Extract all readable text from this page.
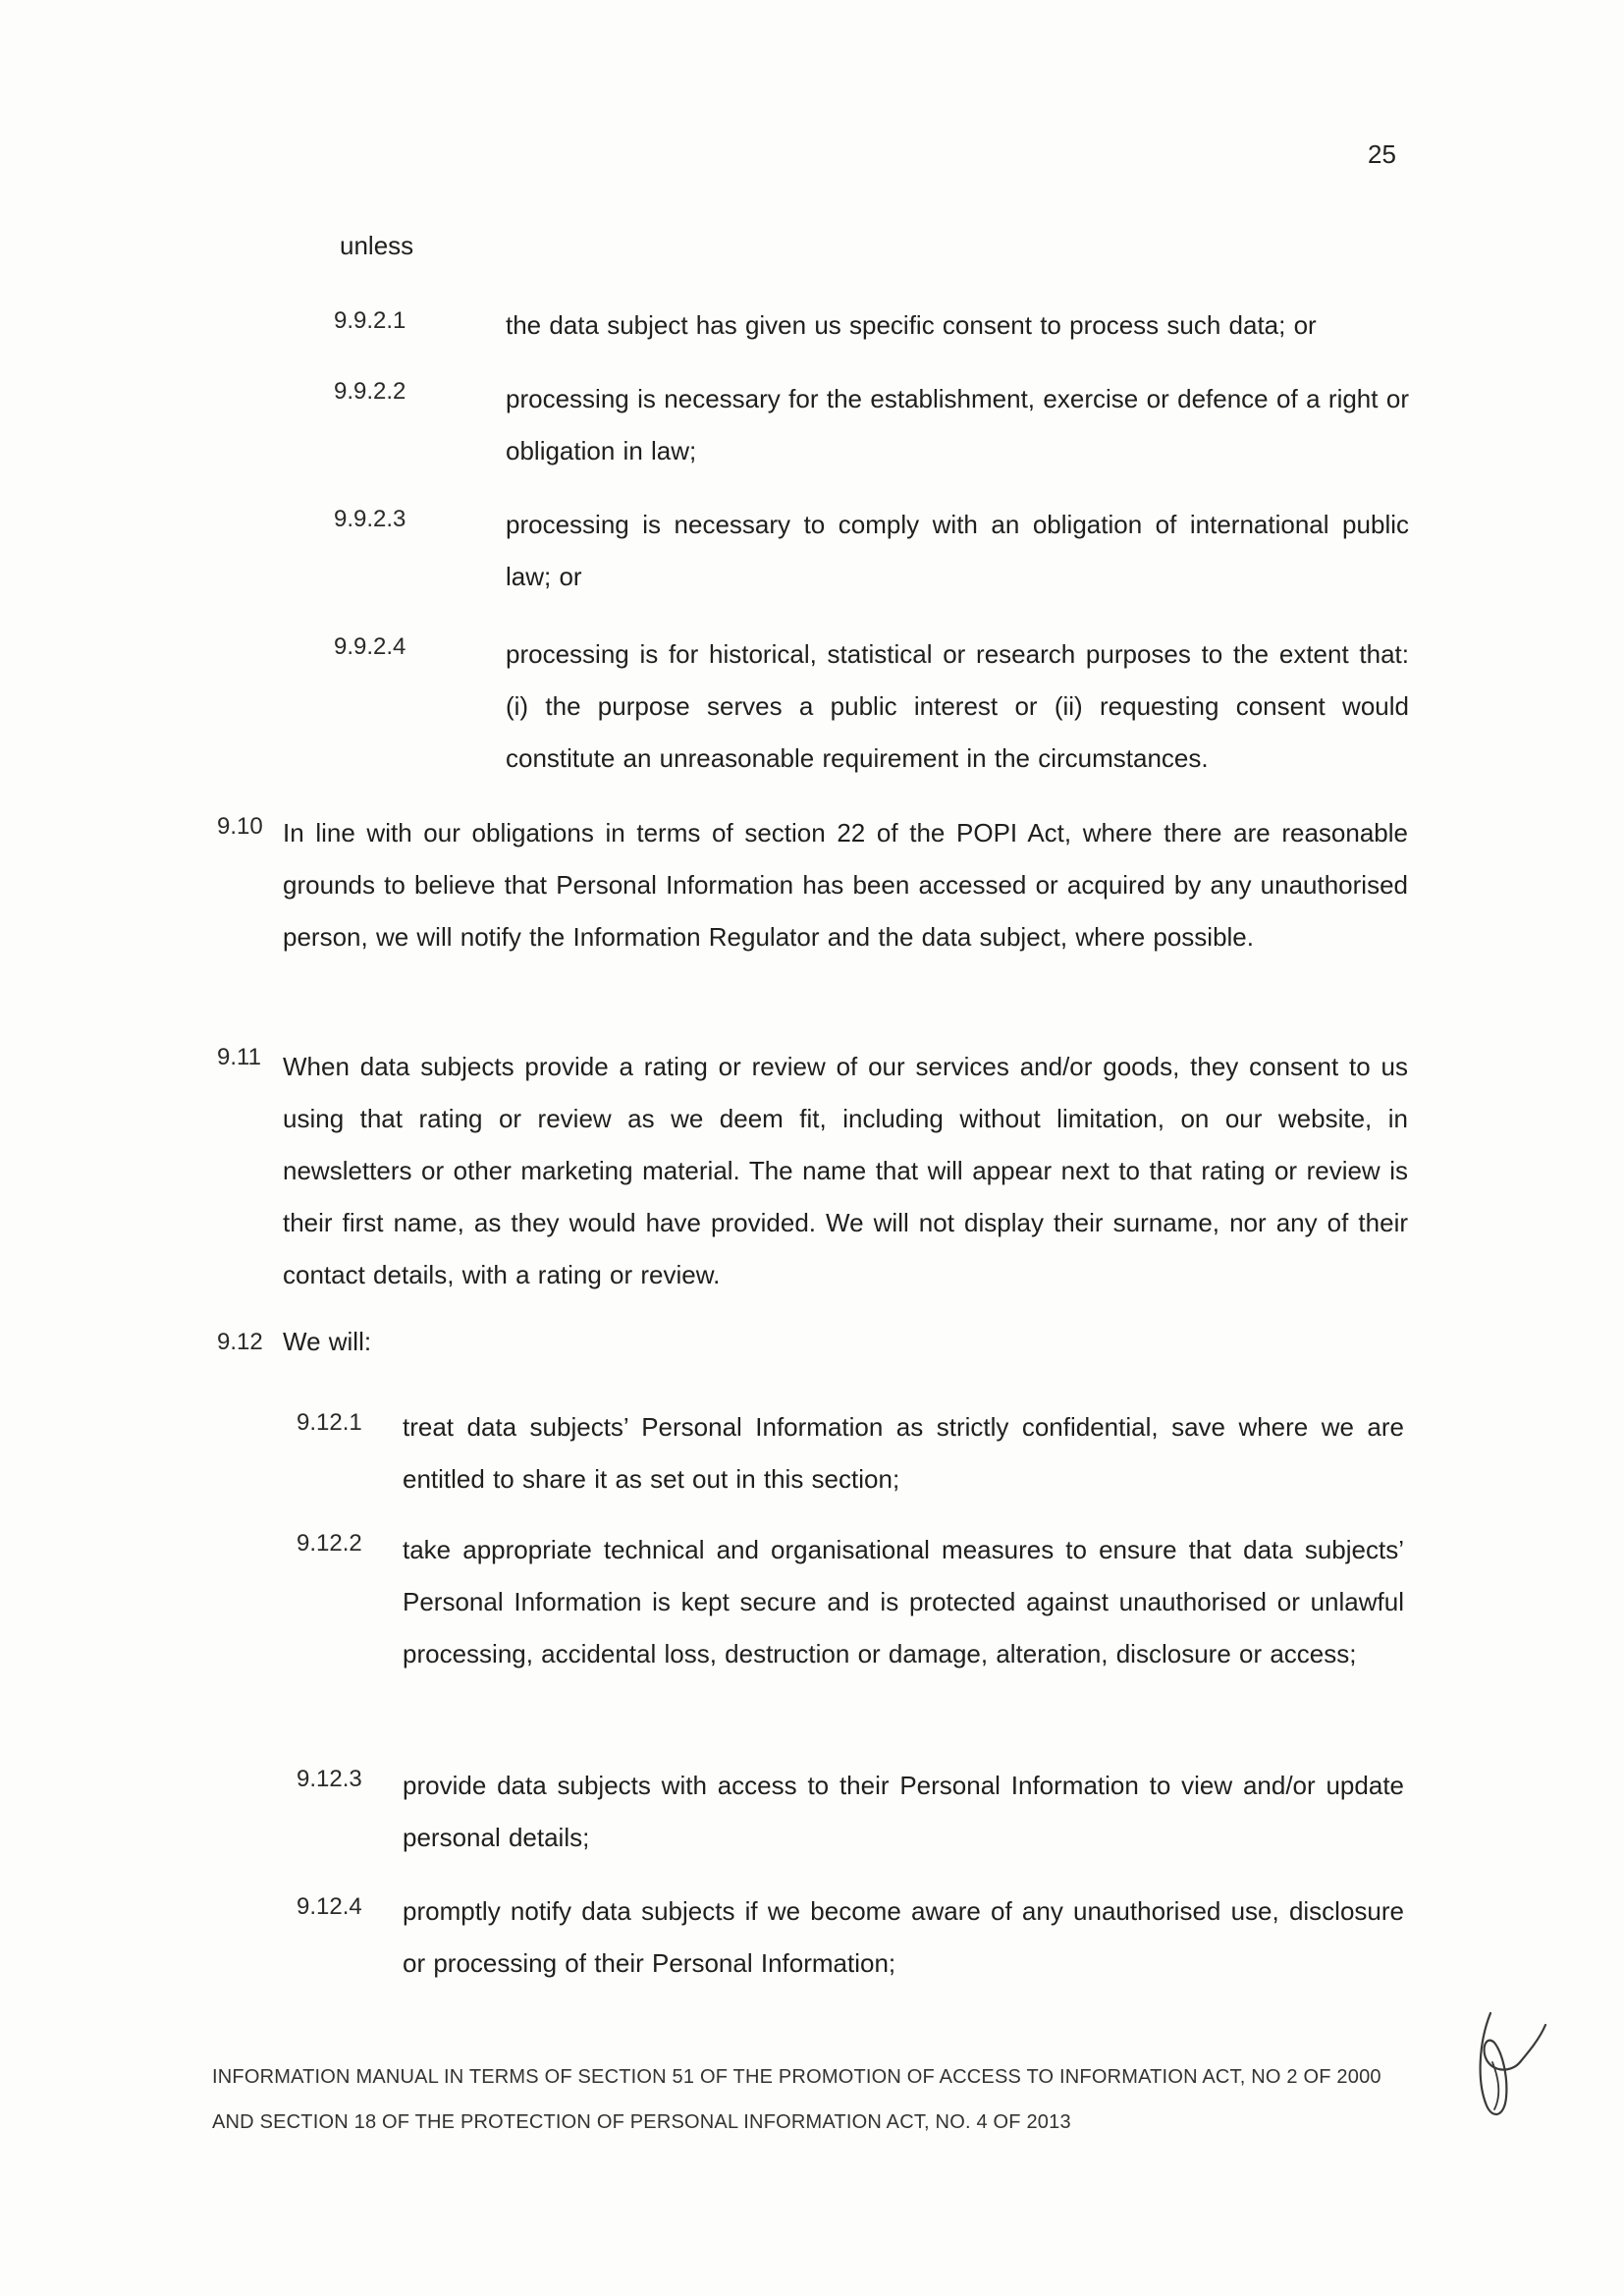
25
unless
9.9.2.1	the data subject has given us specific consent to process such data; or
9.9.2.2	processing is necessary for the establishment, exercise or defence of a right or obligation in law;
9.9.2.3	processing is necessary to comply with an obligation of international public law; or
9.9.2.4	processing is for historical, statistical or research purposes to the extent that: (i) the purpose serves a public interest or (ii) requesting consent would constitute an unreasonable requirement in the circumstances.
9.10 In line with our obligations in terms of section 22 of the POPI Act, where there are reasonable grounds to believe that Personal Information has been accessed or acquired by any unauthorised person, we will notify the Information Regulator and the data subject, where possible.
9.11 When data subjects provide a rating or review of our services and/or goods, they consent to us using that rating or review as we deem fit, including without limitation, on our website, in newsletters or other marketing material. The name that will appear next to that rating or review is their first name, as they would have provided. We will not display their surname, nor any of their contact details, with a rating or review.
9.12 We will:
9.12.1 treat data subjects’ Personal Information as strictly confidential, save where we are entitled to share it as set out in this section;
9.12.2 take appropriate technical and organisational measures to ensure that data subjects’ Personal Information is kept secure and is protected against unauthorised or unlawful processing, accidental loss, destruction or damage, alteration, disclosure or access;
9.12.3 provide data subjects with access to their Personal Information to view and/or update personal details;
9.12.4 promptly notify data subjects if we become aware of any unauthorised use, disclosure or processing of their Personal Information;
INFORMATION MANUAL IN TERMS OF SECTION 51 OF THE PROMOTION OF ACCESS TO INFORMATION ACT, NO 2 OF 2000
AND SECTION 18 OF THE PROTECTION OF PERSONAL INFORMATION ACT, NO. 4 OF 2013
